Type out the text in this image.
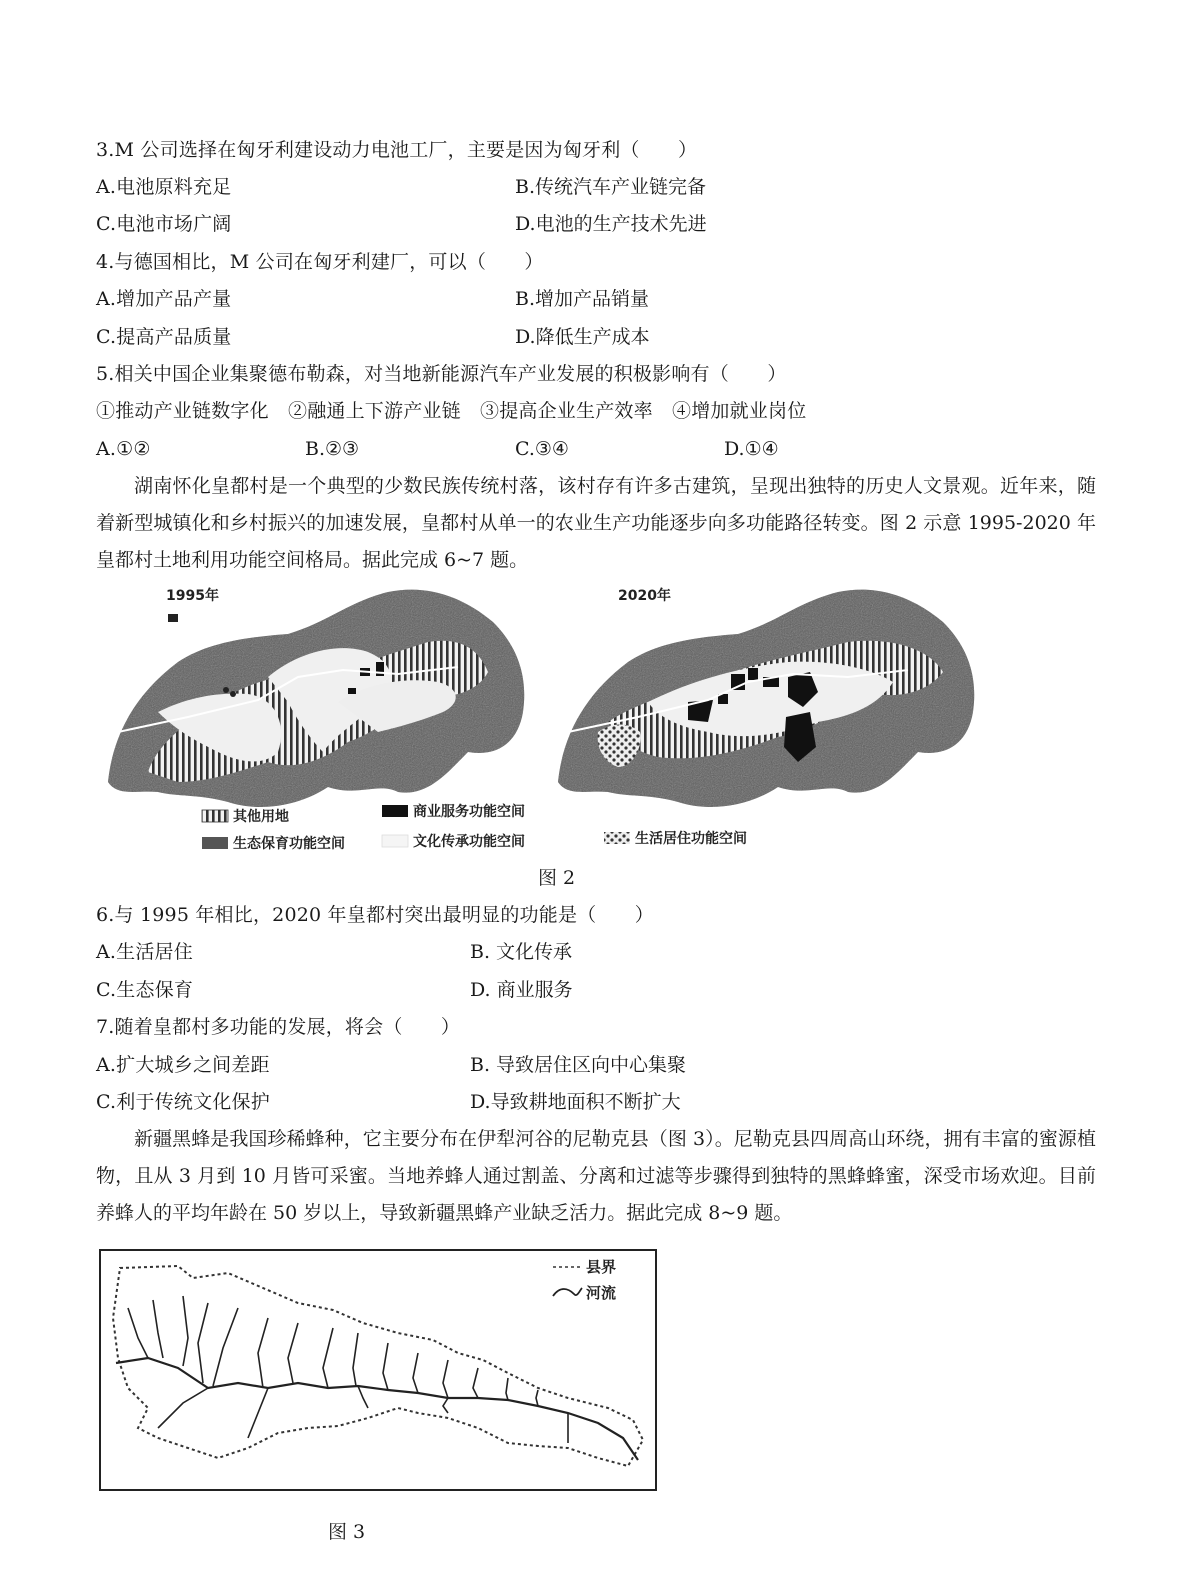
3.M 公司选择在匈牙利建设动力电池工厂，主要是因为匈牙利（　　）
A.电池原料充足	B.传统汽车产业链完备
C.电池市场广阔	D.电池的生产技术先进
4.与德国相比，M 公司在匈牙利建厂，可以（　　）
A.增加产品产量	B.增加产品销量
C.提高产品质量	D.降低生产成本
5.相关中国企业集聚德布勒森，对当地新能源汽车产业发展的积极影响有（　　）
①推动产业链数字化　②融通上下游产业链　③提高企业生产效率　④增加就业岗位
A.①②	B.②③	C.③④	D.①④
湖南怀化皇都村是一个典型的少数民族传统村落，该村存有许多古建筑，呈现出独特的历史人文景观。近年来，随着新型城镇化和乡村振兴的加速发展，皇都村从单一的农业生产功能逐步向多功能路径转变。图 2 示意 1995-2020 年皇都村土地利用功能空间格局。据此完成 6~7 题。
1995年	2020年
其他用地
生态保育功能空间
商业服务功能空间
文化传承功能空间	生活居住功能空间
图 2
6.与 1995 年相比，2020 年皇都村突出最明显的功能是（　　）
A.生活居住	B. 文化传承
C.生态保育	D. 商业服务
7.随着皇都村多功能的发展，将会（　　）
A.扩大城乡之间差距	B. 导致居住区向中心集聚
C.利于传统文化保护	D.导致耕地面积不断扩大
新疆黑蜂是我国珍稀蜂种，它主要分布在伊犁河谷的尼勒克县（图 3）。尼勒克县四周高山环绕，拥有丰富的蜜源植物，且从 3 月到 10 月皆可采蜜。当地养蜂人通过割盖、分离和过滤等步骤得到独特的黑蜂蜂蜜，深受市场欢迎。目前养蜂人的平均年龄在 50 岁以上，导致新疆黑蜂产业缺乏活力。据此完成 8~9 题。
县界
河流
图 3
